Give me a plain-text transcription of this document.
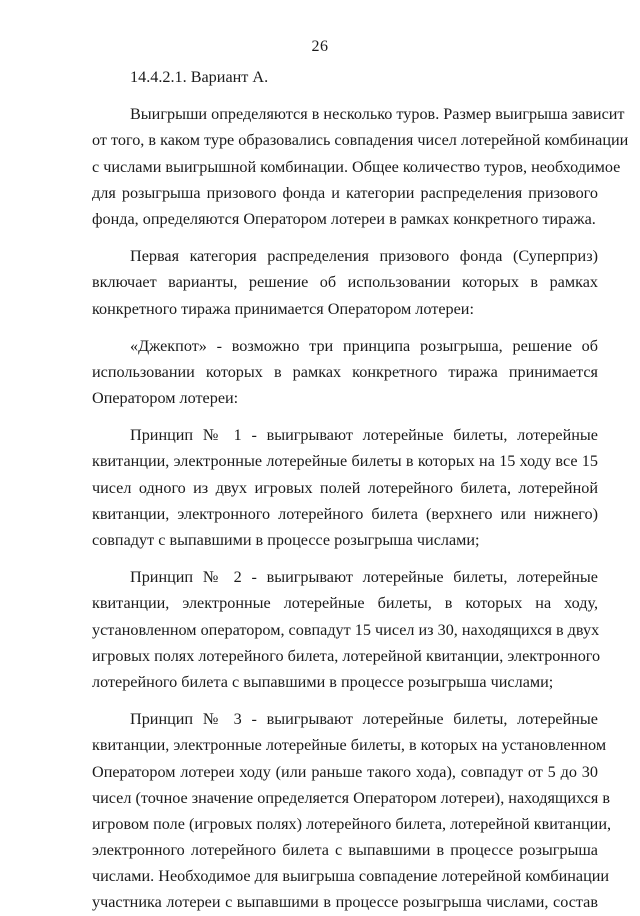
26
14.4.2.1. Вариант А.
Выигрыши определяются в несколько туров. Размер выигрыша зависит
от того, в каком туре образовались совпадения чисел лотерейной комбинации
с числами выигрышной комбинации. Общее количество туров, необходимое
для розыгрыша призового фонда и категории распределения призового
фонда, определяются Оператором лотереи в рамках конкретного тиража.
Первая категория распределения призового фонда (Суперприз)
включает варианты, решение об использовании которых в рамках
конкретного тиража принимается Оператором лотереи:
«Джекпот» - возможно три принципа розыгрыша, решение об
использовании которых в рамках конкретного тиража принимается
Оператором лотереи:
Принцип № 1 - выигрывают лотерейные билеты, лотерейные
квитанции, электронные лотерейные билеты в которых на 15 ходу все 15
чисел одного из двух игровых полей лотерейного билета, лотерейной
квитанции, электронного лотерейного билета (верхнего или нижнего)
совпадут с выпавшими в процессе розыгрыша числами;
Принцип № 2 - выигрывают лотерейные билеты, лотерейные
квитанции, электронные лотерейные билеты, в которых на ходу,
установленном оператором, совпадут 15 чисел из 30, находящихся в двух
игровых полях лотерейного билета, лотерейной квитанции, электронного
лотерейного билета с выпавшими в процессе розыгрыша числами;
Принцип № 3 - выигрывают лотерейные билеты, лотерейные
квитанции, электронные лотерейные билеты, в которых на установленном
Оператором лотереи ходу (или раньше такого хода), совпадут от 5 до 30
чисел (точное значение определяется Оператором лотереи), находящихся в
игровом поле (игровых полях) лотерейного билета, лотерейной квитанции,
электронного лотерейного билета с выпавшими в процессе розыгрыша
числами. Необходимое для выигрыша совпадение лотерейной комбинации
участника лотереи с выпавшими в процессе розыгрыша числами, состав
